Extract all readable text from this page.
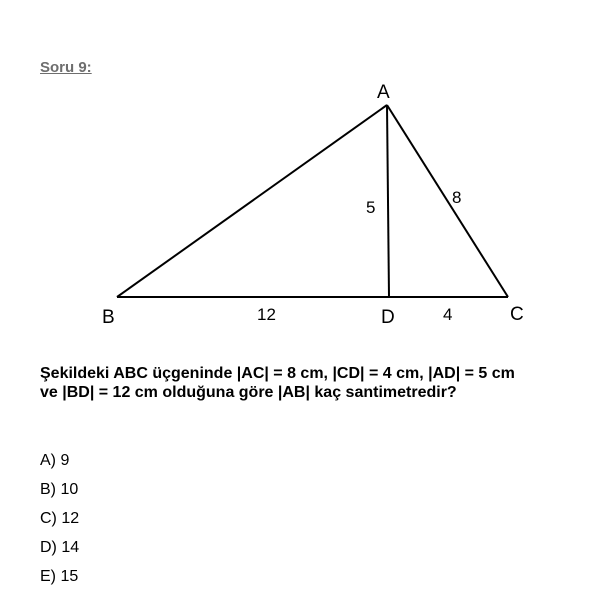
Soru 9:
A
B	C
D
5
8
12	4
Şekildeki ABC üçgeninde |AC| = 8 cm, |CD| = 4 cm, |AD| = 5 cm ve |BD| = 12 cm olduğuna göre |AB| kaç santimetredir?
A) 9
B) 10
C) 12
D) 14
E) 15
